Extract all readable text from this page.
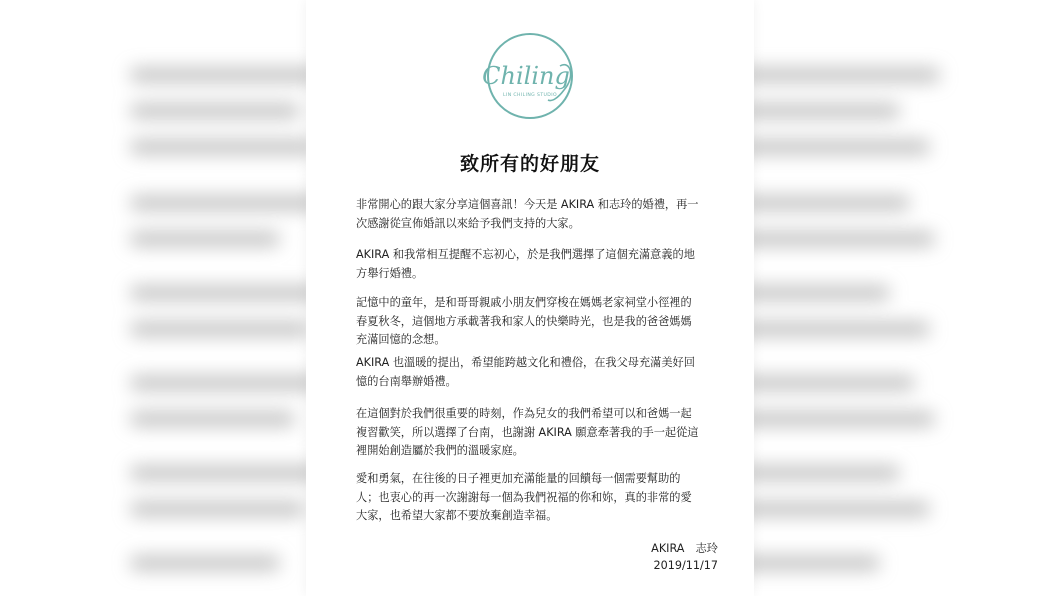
Chiling
LIN CHILING STUDIO
致所有的好朋友

非常開心的跟大家分享這個喜訊！今天是 AKIRA 和志玲的婚禮，再一次感謝從宣佈婚訊以來給予我們支持的大家。

AKIRA 和我常相互提醒不忘初心，於是我們選擇了這個充滿意義的地方舉行婚禮。

記憶中的童年，是和哥哥親戚小朋友們穿梭在媽媽老家祠堂小徑裡的春夏秋冬，這個地方承載著我和家人的快樂時光，也是我的爸爸媽媽充滿回憶的念想。

AKIRA 也溫暖的提出，希望能跨越文化和禮俗，在我父母充滿美好回憶的台南舉辦婚禮。

在這個對於我們很重要的時刻，作為兒女的我們希望可以和爸媽一起複習歡笑，所以選擇了台南，也謝謝 AKIRA 願意牽著我的手一起從這裡開始創造屬於我們的溫暖家庭。

愛和勇氣，在往後的日子裡更加充滿能量的回饋每一個需要幫助的人；也衷心的再一次謝謝每一個為我們祝福的你和妳，真的非常的愛大家，也希望大家都不要放棄創造幸福。

AKIRA　志玲
2019/11/17
